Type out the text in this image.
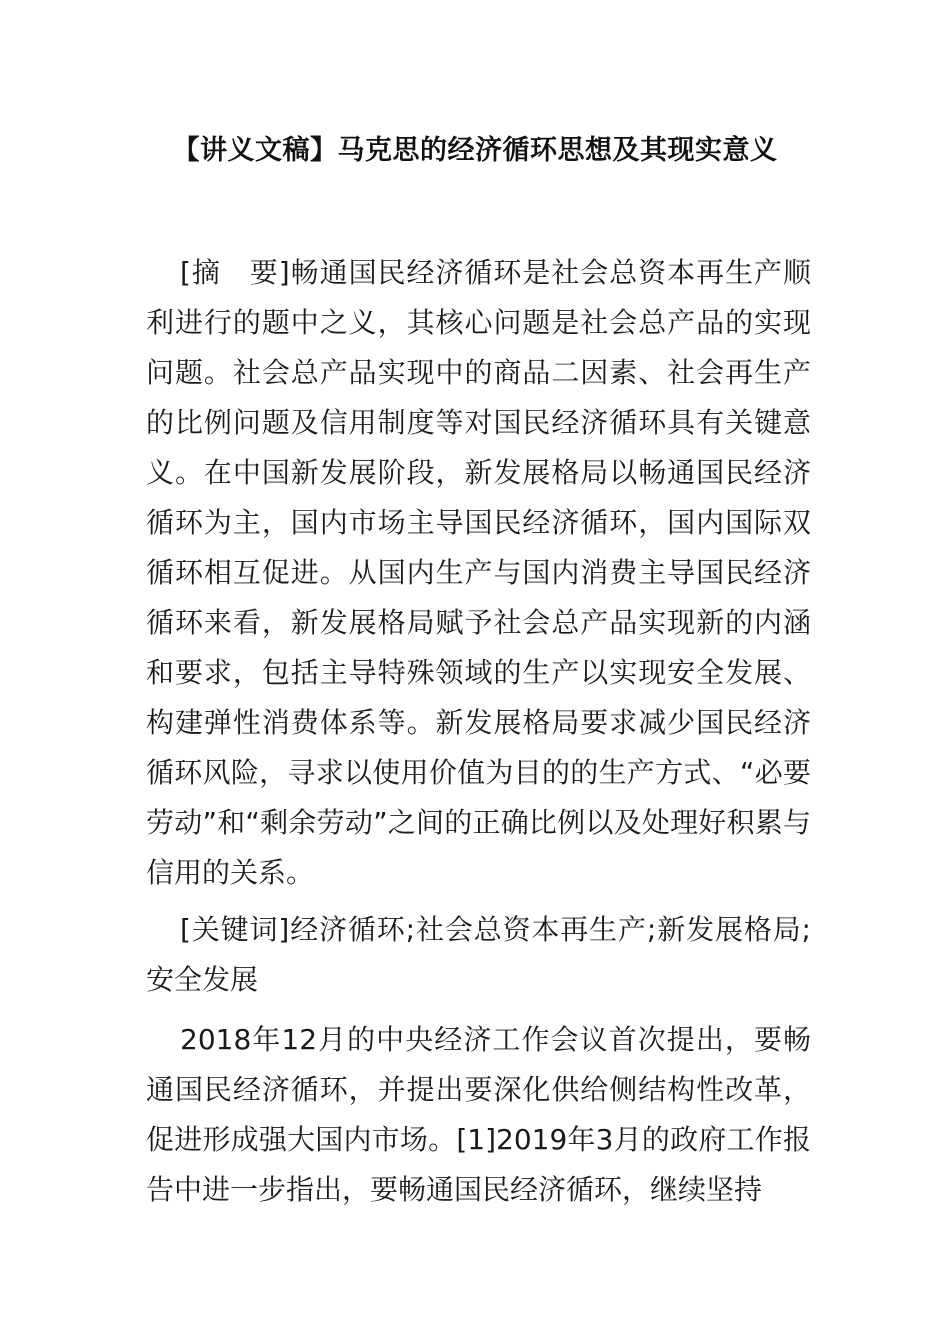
【讲义文稿】马克思的经济循环思想及其现实意义

[摘　要]畅通国民经济循环是社会总资本再生产顺利进行的题中之义，其核心问题是社会总产品的实现问题。社会总产品实现中的商品二因素、社会再生产的比例问题及信用制度等对国民经济循环具有关键意义。在中国新发展阶段，新发展格局以畅通国民经济循环为主，国内市场主导国民经济循环，国内国际双循环相互促进。从国内生产与国内消费主导国民经济循环来看，新发展格局赋予社会总产品实现新的内涵和要求，包括主导特殊领域的生产以实现安全发展、构建弹性消费体系等。新发展格局要求减少国民经济循环风险，寻求以使用价值为目的的生产方式、“必要劳动”和“剩余劳动”之间的正确比例以及处理好积累与信用的关系。

[关键词]经济循环;社会总资本再生产;新发展格局;安全发展

2018年12月的中央经济工作会议首次提出，要畅通国民经济循环，并提出要深化供给侧结构性改革，促进形成强大国内市场。[1]2019年3月的政府工作报告中进一步指出，要畅通国民经济循环，继续坚持
